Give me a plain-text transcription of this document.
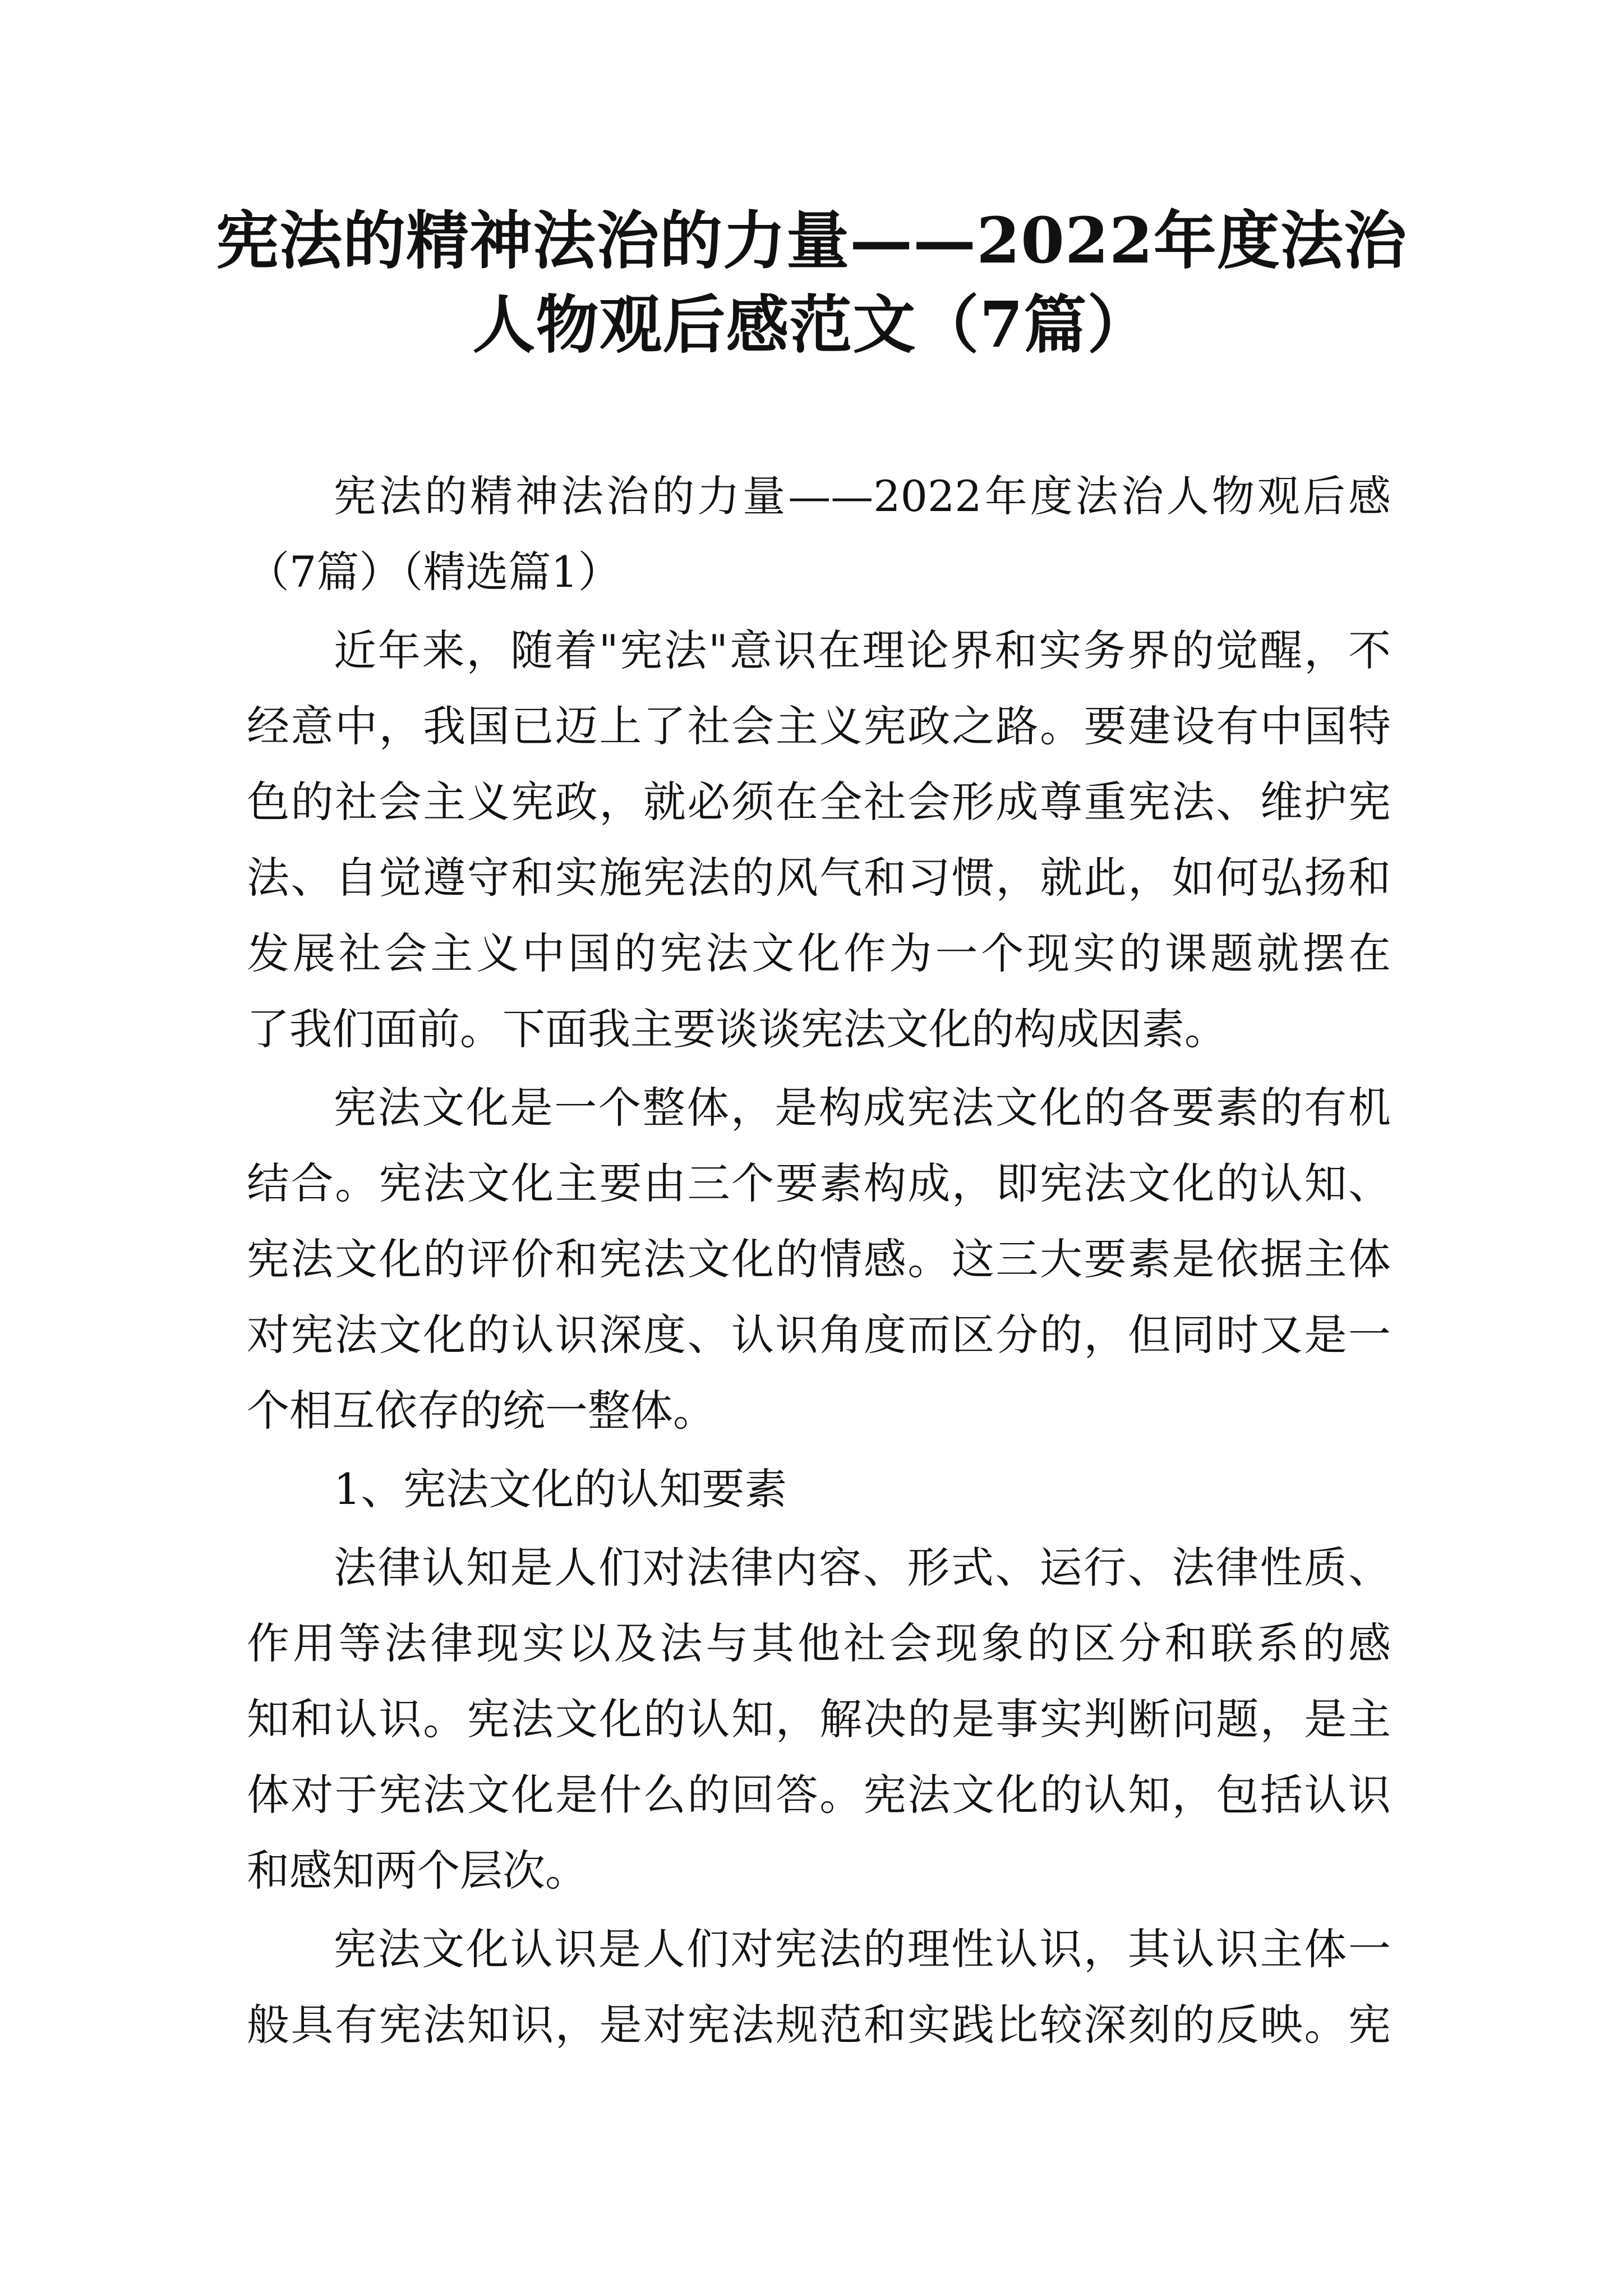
宪法的精神法治的力量——2022年度法治
人物观后感范文（7篇）
宪法的精神法治的力量——2022年度法治人物观后感
（7篇）（精选篇1）
近年来，随着"宪法"意识在理论界和实务界的觉醒，不
经意中，我国已迈上了社会主义宪政之路。要建设有中国特
色的社会主义宪政，就必须在全社会形成尊重宪法、维护宪
法、自觉遵守和实施宪法的风气和习惯，就此，如何弘扬和
发展社会主义中国的宪法文化作为一个现实的课题就摆在
了我们面前。下面我主要谈谈宪法文化的构成因素。
宪法文化是一个整体，是构成宪法文化的各要素的有机
结合。宪法文化主要由三个要素构成，即宪法文化的认知、
宪法文化的评价和宪法文化的情感。这三大要素是依据主体
对宪法文化的认识深度、认识角度而区分的，但同时又是一
个相互依存的统一整体。
1、宪法文化的认知要素
法律认知是人们对法律内容、形式、运行、法律性质、
作用等法律现实以及法与其他社会现象的区分和联系的感
知和认识。宪法文化的认知，解决的是事实判断问题，是主
体对于宪法文化是什么的回答。宪法文化的认知，包括认识
和感知两个层次。
宪法文化认识是人们对宪法的理性认识，其认识主体一
般具有宪法知识，是对宪法规范和实践比较深刻的反映。宪
